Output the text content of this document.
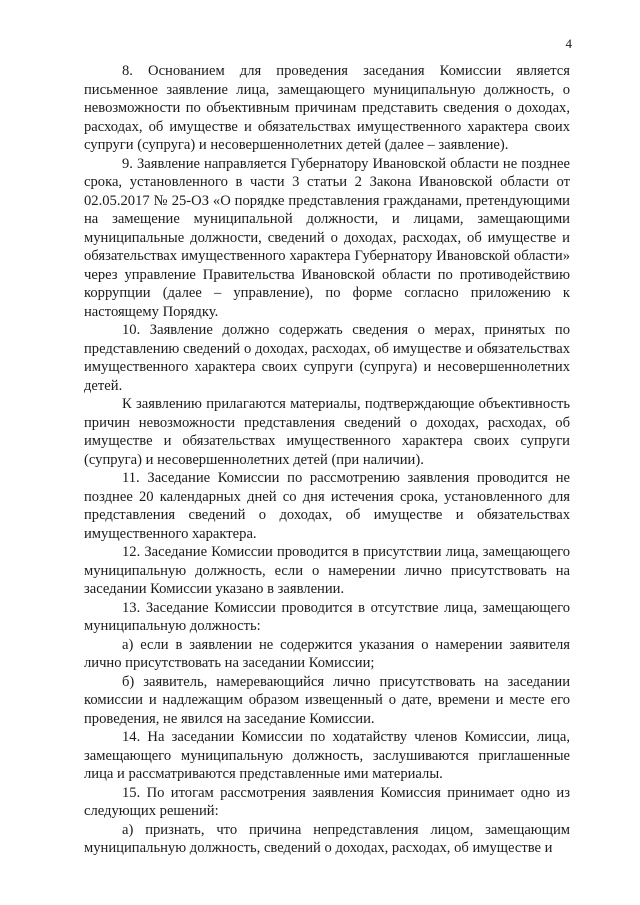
4

8. Основанием для проведения заседания Комиссии является письменное заявление лица, замещающего муниципальную должность, о невозможности по объективным причинам представить сведения о доходах, расходах, об имуществе и обязательствах имущественного характера своих супруги (супруга) и несовершеннолетних детей (далее – заявление).

9. Заявление направляется Губернатору Ивановской области не позднее срока, установленного в части 3 статьи 2 Закона Ивановской области от 02.05.2017 № 25-ОЗ «О порядке представления гражданами, претендующими на замещение муниципальной должности, и лицами, замещающими муниципальные должности, сведений о доходах, расходах, об имуществе и обязательствах имущественного характера Губернатору Ивановской области» через управление Правительства Ивановской области по противодействию коррупции (далее – управление), по форме согласно приложению к настоящему Порядку.

10. Заявление должно содержать сведения о мерах, принятых по представлению сведений о доходах, расходах, об имуществе и обязательствах имущественного характера своих супруги (супруга) и несовершеннолетних детей.

К заявлению прилагаются материалы, подтверждающие объективность причин невозможности представления сведений о доходах, расходах, об имуществе и обязательствах имущественного характера своих супруги (супруга) и несовершеннолетних детей (при наличии).

11. Заседание Комиссии по рассмотрению заявления проводится не позднее 20 календарных дней со дня истечения срока, установленного для представления сведений о доходах, об имуществе и обязательствах имущественного характера.

12. Заседание Комиссии проводится в присутствии лица, замещающего муниципальную должность, если о намерении лично присутствовать на заседании Комиссии указано в заявлении.

13. Заседание Комиссии проводится в отсутствие лица, замещающего муниципальную должность:

а) если в заявлении не содержится указания о намерении заявителя лично присутствовать на заседании Комиссии;

б) заявитель, намеревающийся лично присутствовать на заседании комиссии и надлежащим образом извещенный о дате, времени и месте его проведения, не явился на заседание Комиссии.

14. На заседании Комиссии по ходатайству членов Комиссии, лица, замещающего муниципальную должность, заслушиваются приглашенные лица и рассматриваются представленные ими материалы.

15. По итогам рассмотрения заявления Комиссия принимает одно из следующих решений:

а) признать, что причина непредставления лицом, замещающим муниципальную должность, сведений о доходах, расходах, об имуществе и
